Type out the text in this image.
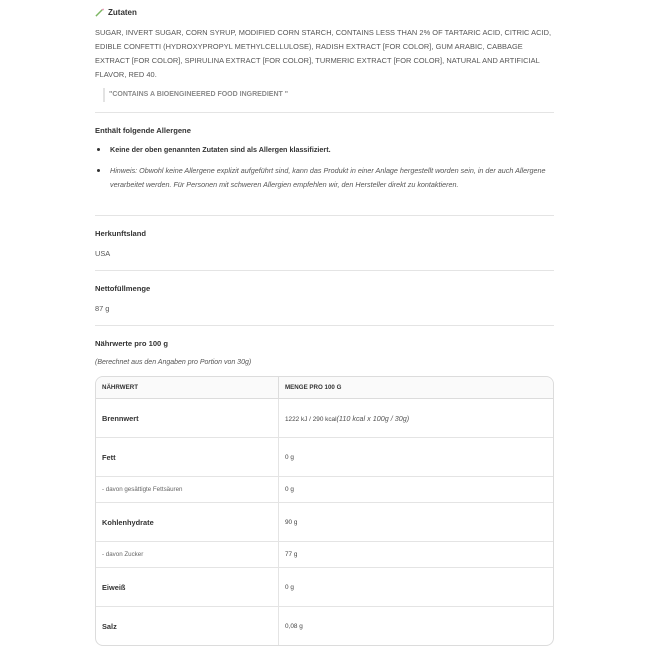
Zutaten
SUGAR, INVERT SUGAR, CORN SYRUP, MODIFIED CORN STARCH, CONTAINS LESS THAN 2% OF TARTARIC ACID, CITRIC ACID, EDIBLE CONFETTI (HYDROXYPROPYL METHYLCELLULOSE), RADISH EXTRACT [FOR COLOR], GUM ARABIC, CABBAGE EXTRACT [FOR COLOR], SPIRULINA EXTRACT [FOR COLOR], TURMERIC EXTRACT [FOR COLOR], NATURAL AND ARTIFICIAL FLAVOR, RED 40.
"CONTAINS A BIOENGINEERED FOOD INGREDIENT "
Enthält folgende Allergene
Keine der oben genannten Zutaten sind als Allergen klassifiziert.
Hinweis: Obwohl keine Allergene explizit aufgeführt sind, kann das Produkt in einer Anlage hergestellt worden sein, in der auch Allergene verarbeitet werden. Für Personen mit schweren Allergien empfehlen wir, den Hersteller direkt zu kontaktieren.
Herkunftsland
USA
Nettofüllmenge
87 g
Nährwerte pro 100 g
(Berechnet aus den Angaben pro Portion von 30g)
NÄHRWERT	MENGE PRO 100 G
Brennwert	1222 kJ / 290 kcal(110 kcal x 100g / 30g)
Fett	0 g
- davon gesättigte Fettsäuren	0 g
Kohlenhydrate	90 g
- davon Zucker	77 g
Eiweiß	0 g
Salz	0,08 g
